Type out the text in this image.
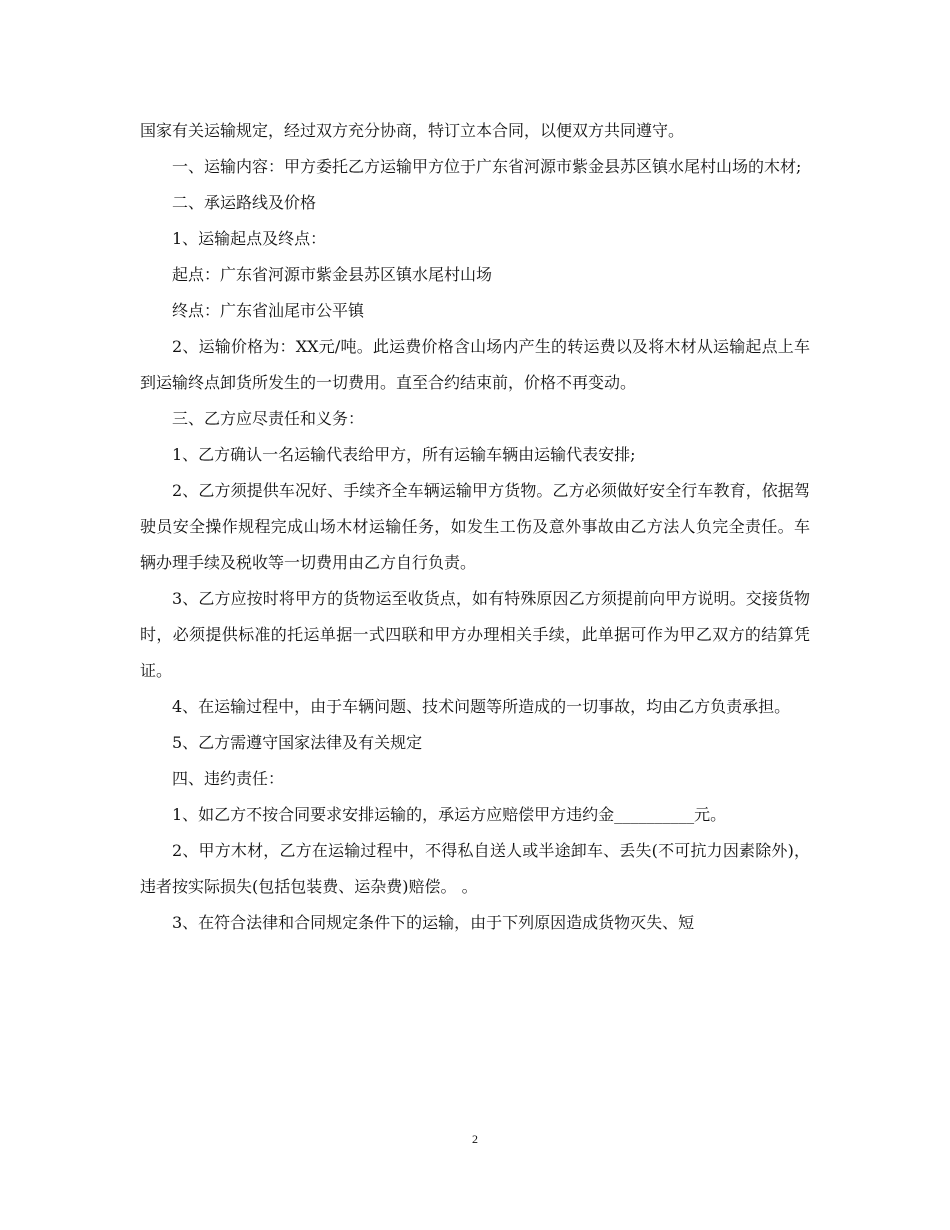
国家有关运输规定，经过双方充分协商，特订立本合同，以便双方共同遵守。

一、运输内容：甲方委托乙方运输甲方位于广东省河源市紫金县苏区镇水尾村山场的木材;

二、承运路线及价格

1、运输起点及终点：

起点：广东省河源市紫金县苏区镇水尾村山场

终点：广东省汕尾市公平镇

2、运输价格为：XX元/吨。此运费价格含山场内产生的转运费以及将木材从运输起点上车到运输终点卸货所发生的一切费用。直至合约结束前，价格不再变动。

三、乙方应尽责任和义务：

1、乙方确认一名运输代表给甲方，所有运输车辆由运输代表安排;

2、乙方须提供车况好、手续齐全车辆运输甲方货物。乙方必须做好安全行车教育，依据驾驶员安全操作规程完成山场木材运输任务，如发生工伤及意外事故由乙方法人负完全责任。车辆办理手续及税收等一切费用由乙方自行负责。

3、乙方应按时将甲方的货物运至收货点，如有特殊原因乙方须提前向甲方说明。交接货物时，必须提供标准的托运单据一式四联和甲方办理相关手续，此单据可作为甲乙双方的结算凭证。

4、在运输过程中，由于车辆问题、技术问题等所造成的一切事故，均由乙方负责承担。

5、乙方需遵守国家法律及有关规定

四、违约责任：

1、如乙方不按合同要求安排运输的，承运方应赔偿甲方违约金__________元。

2、甲方木材，乙方在运输过程中，不得私自送人或半途卸车、丢失(不可抗力因素除外)，违者按实际损失(包括包装费、运杂费)赔偿。 。

3、在符合法律和合同规定条件下的运输，由于下列原因造成货物灭失、短

2
